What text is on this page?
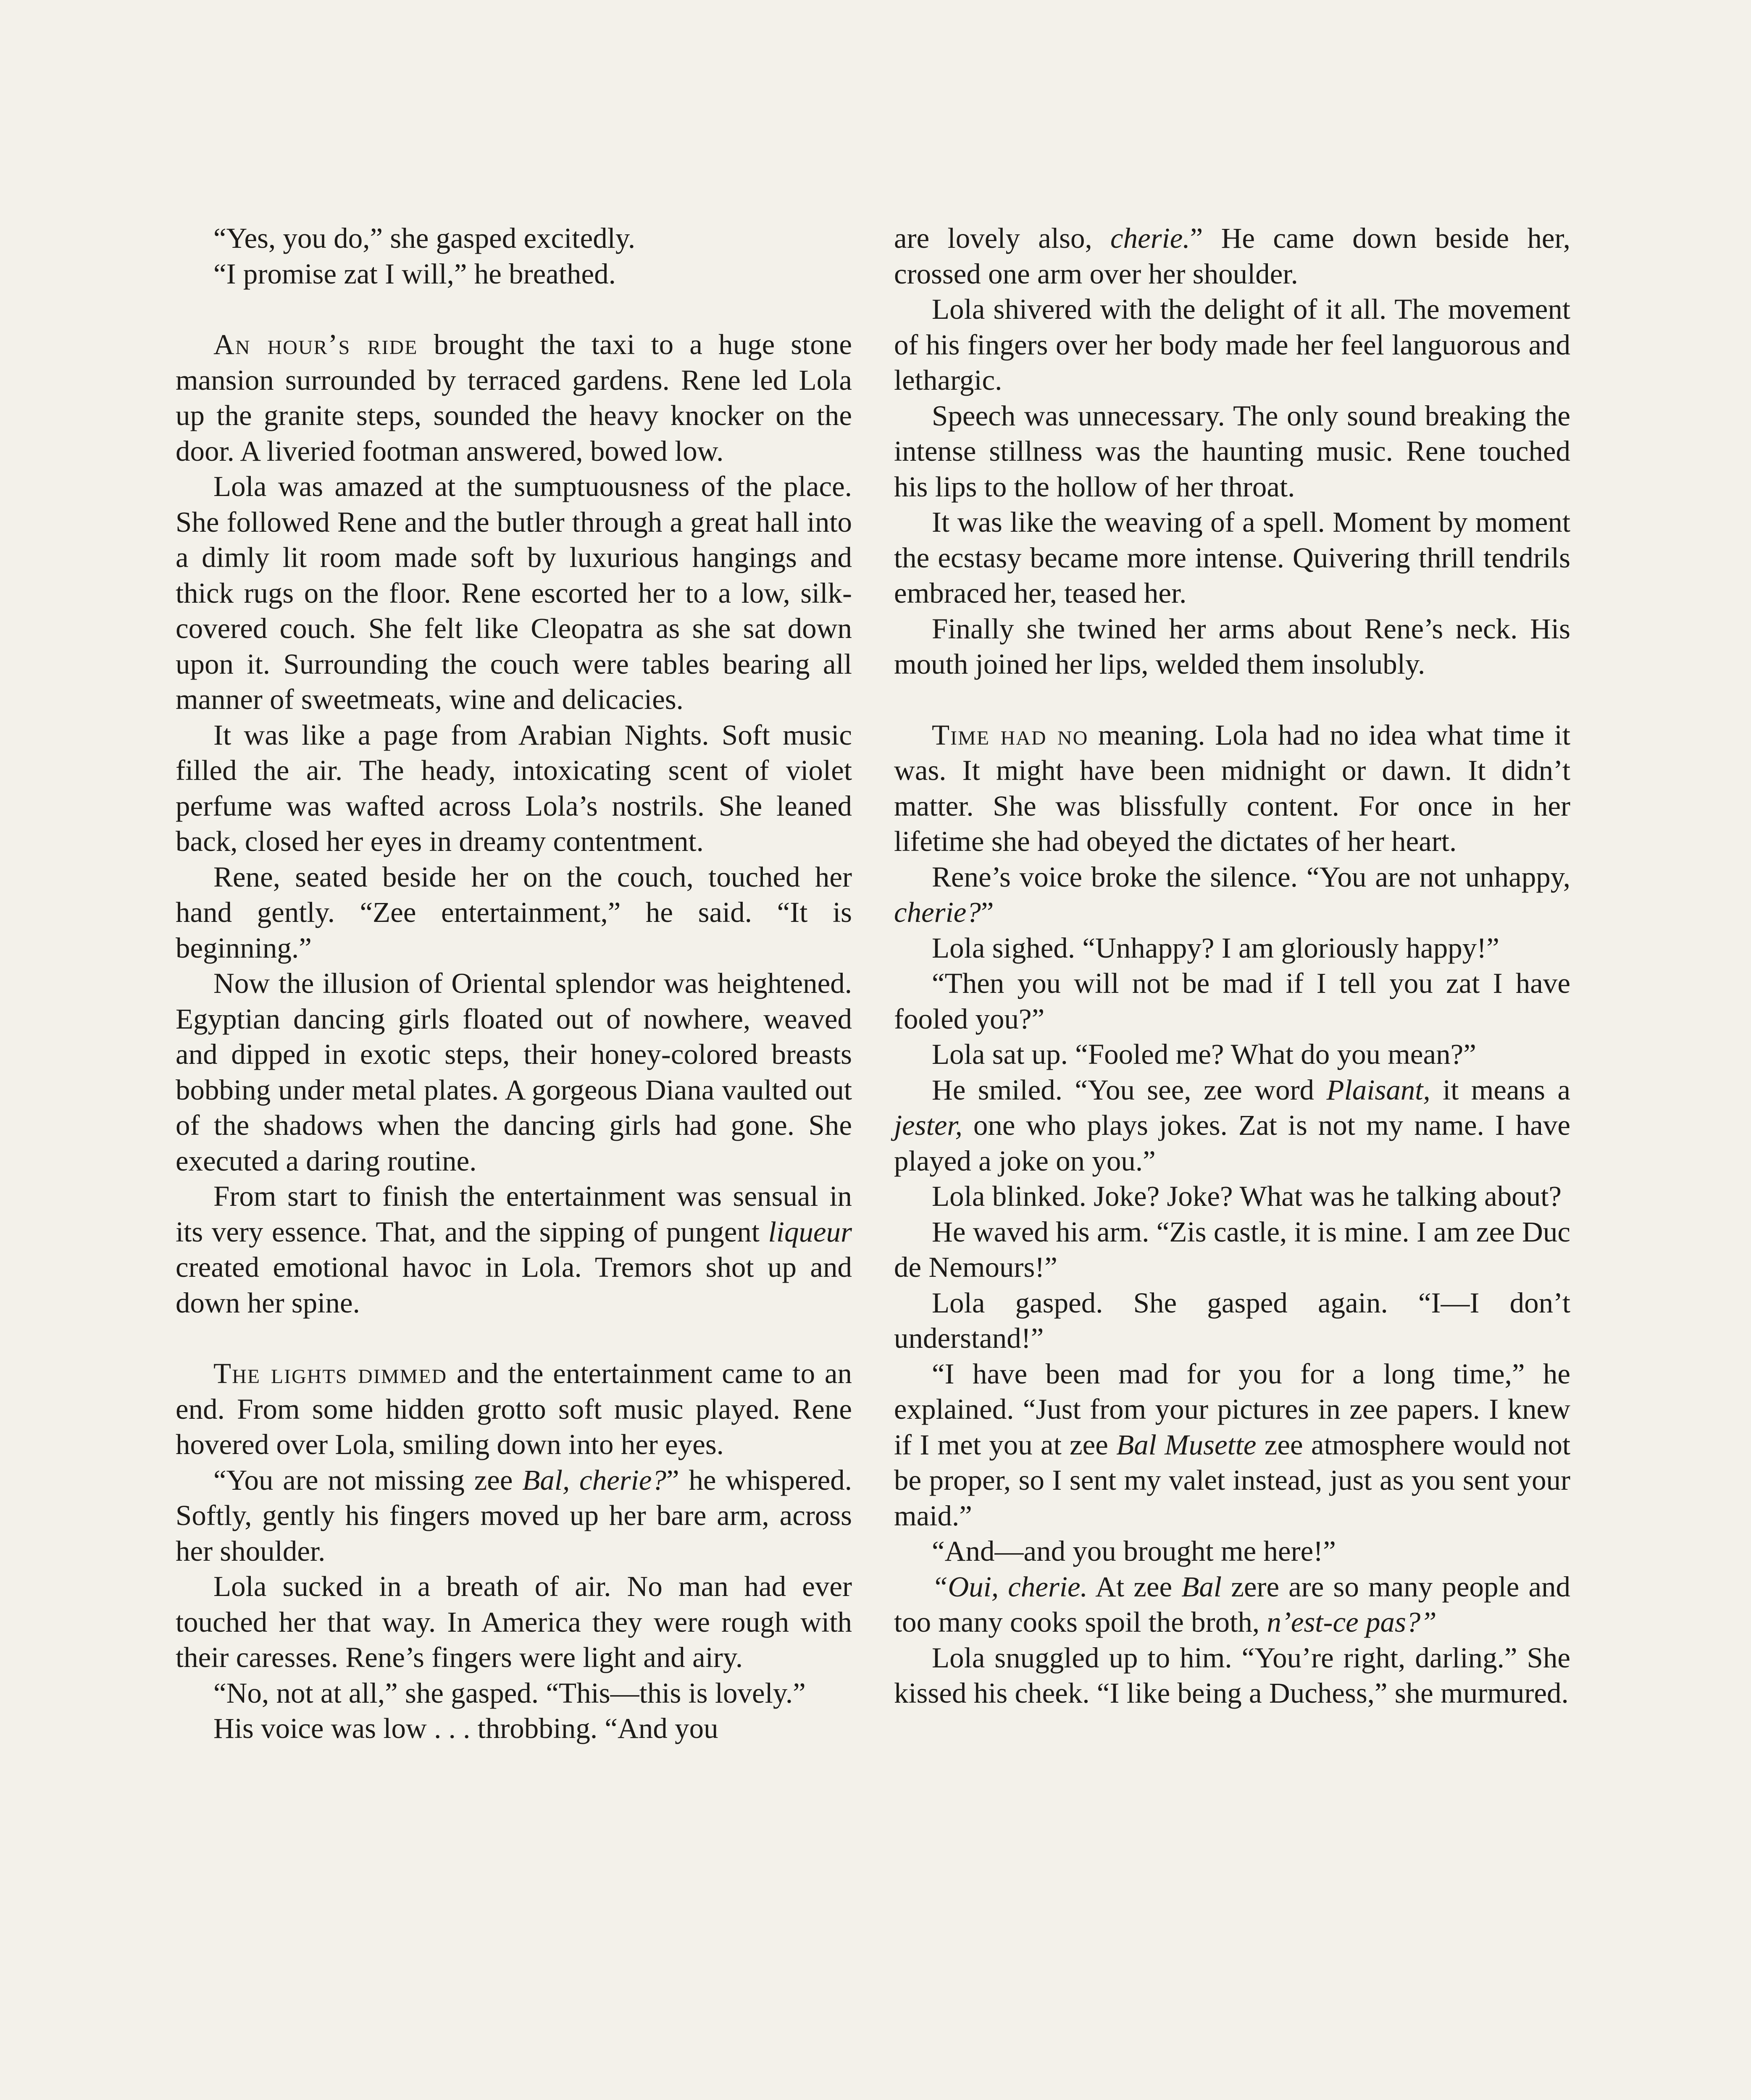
“Yes, you do,” she gasped excitedly.

“I promise zat I will,” he breathed.

An hour’s ride brought the taxi to a huge stone mansion surrounded by terraced gardens. Rene led Lola up the granite steps, sounded the heavy knocker on the door. A liveried footman answered, bowed low.

Lola was amazed at the sumptuousness of the place. She followed Rene and the butler through a great hall into a dimly lit room made soft by luxurious hangings and thick rugs on the floor. Rene escorted her to a low, silk-covered couch. She felt like Cleopatra as she sat down upon it. Surrounding the couch were tables bearing all manner of sweetmeats, wine and delicacies.

It was like a page from Arabian Nights. Soft music filled the air. The heady, intoxicating scent of violet perfume was wafted across Lola’s nostrils. She leaned back, closed her eyes in dreamy contentment.

Rene, seated beside her on the couch, touched her hand gently. “Zee entertainment,” he said. “It is beginning.”

Now the illusion of Oriental splendor was heightened. Egyptian dancing girls floated out of nowhere, weaved and dipped in exotic steps, their honey-colored breasts bobbing under metal plates. A gorgeous Diana vaulted out of the shadows when the dancing girls had gone. She executed a daring routine.

From start to finish the entertainment was sensual in its very essence. That, and the sipping of pungent liqueur created emotional havoc in Lola. Tremors shot up and down her spine.

The lights dimmed and the entertainment came to an end. From some hidden grotto soft music played. Rene hovered over Lola, smiling down into her eyes.

“You are not missing zee Bal, cherie?” he whispered. Softly, gently his fingers moved up her bare arm, across her shoulder.

Lola sucked in a breath of air. No man had ever touched her that way. In America they were rough with their caresses. Rene’s fingers were light and airy.

“No, not at all,” she gasped. “This—this is lovely.”

His voice was low . . . throbbing. “And you

are lovely also, cherie.” He came down beside her, crossed one arm over her shoulder.

Lola shivered with the delight of it all. The movement of his fingers over her body made her feel languorous and lethargic.

Speech was unnecessary. The only sound breaking the intense stillness was the haunting music. Rene touched his lips to the hollow of her throat.

It was like the weaving of a spell. Moment by moment the ecstasy became more intense. Quivering thrill tendrils embraced her, teased her.

Finally she twined her arms about Rene’s neck. His mouth joined her lips, welded them insolubly.

Time had no meaning. Lola had no idea what time it was. It might have been midnight or dawn. It didn’t matter. She was blissfully content. For once in her lifetime she had obeyed the dictates of her heart.

Rene’s voice broke the silence. “You are not unhappy, cherie?”

Lola sighed. “Unhappy? I am gloriously happy!”

“Then you will not be mad if I tell you zat I have fooled you?”

Lola sat up. “Fooled me? What do you mean?”

He smiled. “You see, zee word Plaisant, it means a jester, one who plays jokes. Zat is not my name. I have played a joke on you.”

Lola blinked. Joke? Joke? What was he talking about?

He waved his arm. “Zis castle, it is mine. I am zee Duc de Nemours!”

Lola gasped. She gasped again. “I—I don’t understand!”

“I have been mad for you for a long time,” he explained. “Just from your pictures in zee papers. I knew if I met you at zee Bal Musette zee atmosphere would not be proper, so I sent my valet instead, just as you sent your maid.”

“And—and you brought me here!”

“Oui, cherie. At zee Bal zere are so many people and too many cooks spoil the broth, n’est-ce pas?”

Lola snuggled up to him. “You’re right, darling.” She kissed his cheek. “I like being a Duchess,” she murmured.
